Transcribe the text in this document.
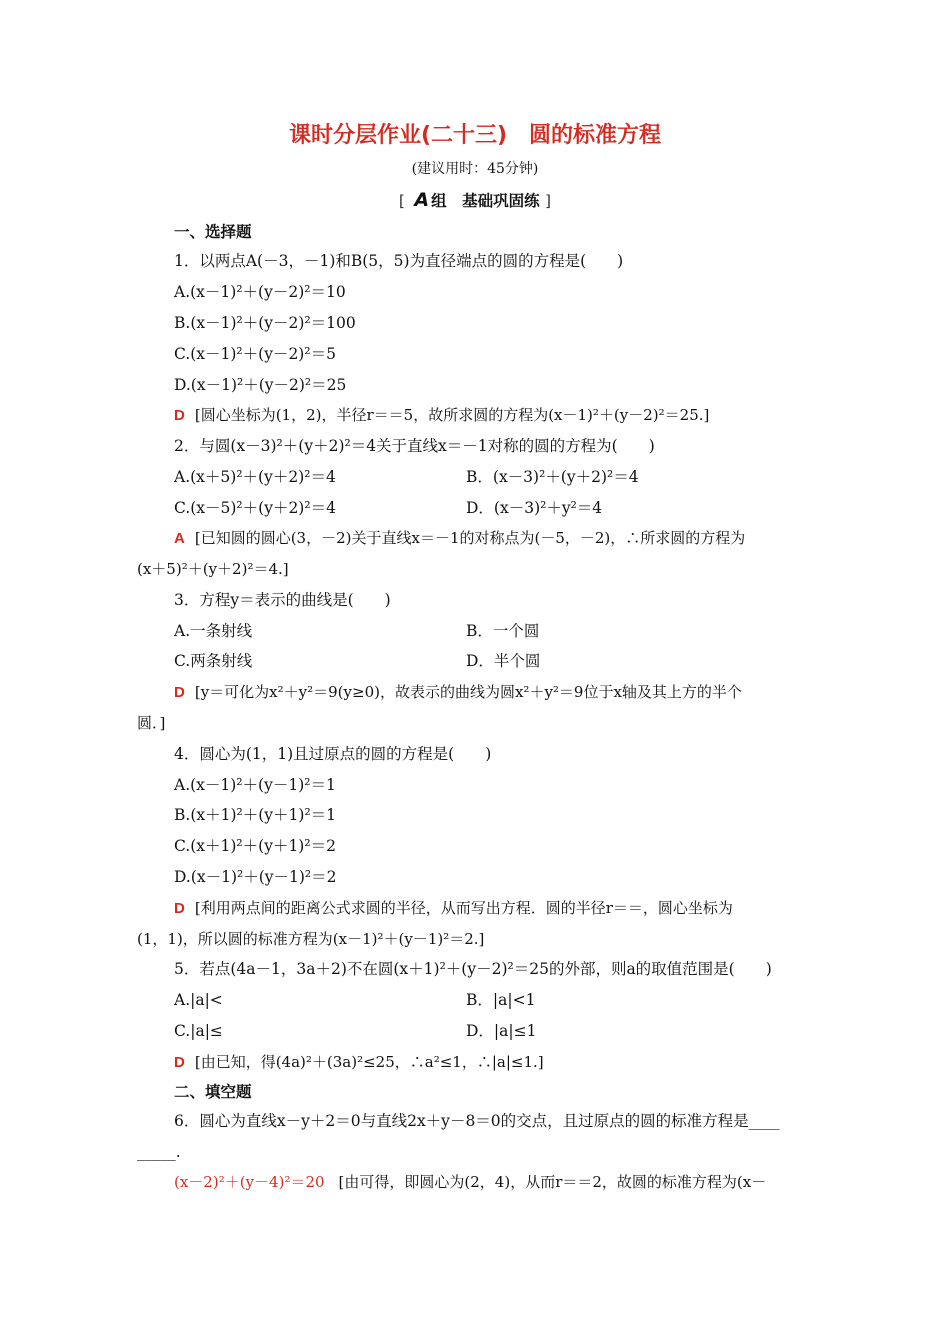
课时分层作业(二十三)　圆的标准方程
(建议用时：45分钟)
[ A 组　基础巩固练 ]
一、选择题
1．以两点A(－3，－1)和B(5，5)为直径端点的圆的方程是(　　)
A.(x－1)²＋(y－2)²＝10
B.(x－1)²＋(y－2)²＝100
C.(x－1)²＋(y－2)²＝5
D.(x－1)²＋(y－2)²＝25
D [圆心坐标为(1，2)，半径r＝＝5，故所求圆的方程为(x－1)²＋(y－2)²＝25.]
2．与圆(x－3)²＋(y＋2)²＝4关于直线x＝－1对称的圆的方程为(　　)
A.(x＋5)²＋(y＋2)²＝4	B．(x－3)²＋(y＋2)²＝4
C.(x－5)²＋(y＋2)²＝4	D．(x－3)²＋y²＝4
A [已知圆的圆心(3，－2)关于直线x＝－1的对称点为(－5，－2)，∴所求圆的方程为
(x＋5)²＋(y＋2)²＝4.]
3．方程y＝表示的曲线是(　　)
A.一条射线	B．一个圆
C.两条射线	D．半个圆
D [y＝可化为x²＋y²＝9(y≥0)，故表示的曲线为圆x²＋y²＝9位于x轴及其上方的半个
圆．]
4．圆心为(1，1)且过原点的圆的方程是(　　)
A.(x－1)²＋(y－1)²＝1
B.(x＋1)²＋(y＋1)²＝1
C.(x＋1)²＋(y＋1)²＝2
D.(x－1)²＋(y－1)²＝2
D [利用两点间的距离公式求圆的半径，从而写出方程．圆的半径r＝＝，圆心坐标为
(1，1)，所以圆的标准方程为(x－1)²＋(y－1)²＝2.]
5．若点(4a－1，3a＋2)不在圆(x＋1)²＋(y－2)²＝25的外部，则a的取值范围是(　　)
A.|a|<	B．|a|<1
C.|a|≤	D．|a|≤1
D [由已知，得(4a)²＋(3a)²≤25，∴a²≤1，∴|a|≤1.]
二、填空题
6．圆心为直线x－y＋2＝0与直线2x＋y－8＝0的交点，且过原点的圆的标准方程是____
_____.
(x－2)²＋(y－4)²＝20 [由可得，即圆心为(2，4)，从而r＝＝2，故圆的标准方程为(x－
